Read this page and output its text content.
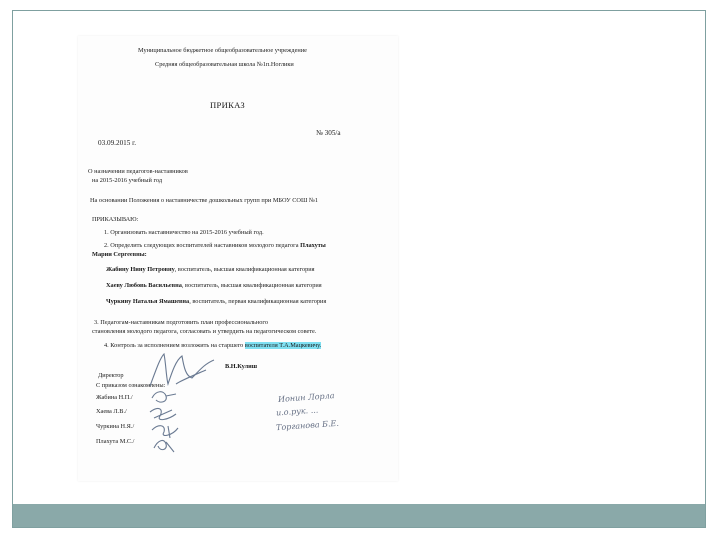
Муниципальное бюджетное общеобразовательное учреждение
Средняя общеобразовательная школа №1п.Ноглики
ПРИКАЗ
03.09.2015 г.
№ 305/а
О назначении педагогов-наставников
на 2015-2016 учебный год
На основании Положения о наставничестве дошкольных групп при МБОУ СОШ №1
ПРИКАЗЫВАЮ:
1. Организовать наставничество на 2015-2016 учебный год.
2. Определить следующих воспитателей наставников молодого педагога Плахуты
Марии Сергеевны:
Жабину Нину Петровну, воспитатель, высшая квалификационная категория
Хаеву Любовь Васильевна, воспитатель, высшая квалификационная категория
Чуркину Наталья Ямашевна, воспитатель, первая квалификационная категория
3. Педагогам-наставникам подготовить план профессионального
становления молодого педагога, согласовать и утвердить на педагогическом совете.
4. Контроль за исполнением возложить на старшего воспитателя Т.А.Мацкевичу.
Директор
В.Н.Кулиш
С приказом ознакомлены:
Жабина Н.П./
Хаева Л.В./
Чуркина Н.Я./
Плахута М.С./
Ионин Лорла
и.о.рук. ...
Торганова Б.Е.
